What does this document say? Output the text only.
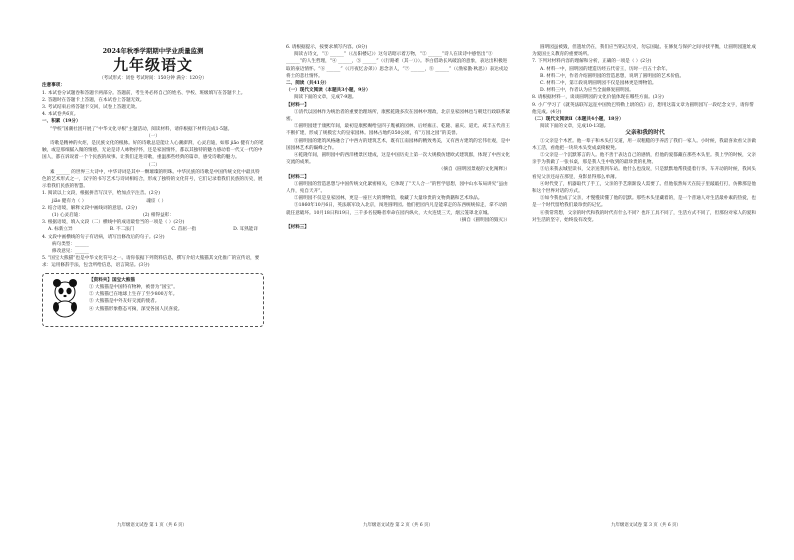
2024年秋季学期期中学业质量监测
九年级语文
（考试形式：闭卷 考试时间：150分钟 满分：120分）
注意事项：
1. 本试卷分试题卷和答题卡两部分。答题前，考生务必将自己的姓名、学校、班级填写在答题卡上。
2. 答题时在答题卡上答题，在本试卷上答题无效。
3. 考试结束后将答题卡交回，试卷上答题无效。
4. 本试卷共6页。
一、积累（19分）

“学校”国潮社团开展了“中华文化寻根”主题活动，阅读材料，请你根据下材料完成1-5题。

（一）

诗歌是精神的火炬，是民族文化的根脉。好的诗歌总是能让人心潮澎湃，心灵启迪，如那 jiǎo 健有力的笔触，或是那细腻入微的情感，无论是诗人咏物抒怀，还是家国情怀，都以其独特的魅力感动着一代又一代的中国人，都在诉说着一个个民族的故事。让我们走进诗歌，重温那些经典的篇章，感受诗歌的魅力。

（二）

素 ______ 的世界三大诗中，中华诗词是其中一颗璀璨的明珠。中华民族的诗歌是中国传统文化中最具特色的艺术形式之一，汉字的书写艺术与诗词相结合，形成了独特的文化符号，它们记录着我们民族的历史，展示着我们民族的智慧。

1. 阅读以上文段，根据拼音写汉字，给加点字注音。(2分)
jiǎo 健有力（ ）	魂宦（ ）
2. 结合语境，解释文段中画线词的意思。(2分)
(1) 心灵启迪：	(2) 相得益彰：
3. 根据语境，填入文段（二）横线中的成语最恰当的一项是（ ）(2分)
A. 标新立异	B. 不二法门	C. 首屈一指	D. 耳熟能详
4. 文段中画横线的句子有语病，请写出修改后的句子。(2分)
病句类型：______
修改意见：______
5. “国宝大熊猫”也是中华文化符号之一。请你依据下列资料信息，撰写介绍大熊猫其文化推广的宣传语，要求：运用修辞手法，包含所给信息，语言简洁。(3分)
【资料夹】国宝大熊猫
① 大熊猫是中国特有物种，被誉为“国宝”。
② 大熊猫已在地球上生存了至少800万年。
③ 大熊猫是中外友好交流的使者。
④ 大熊猫形象憨态可掬，深受各国人民喜爱。
6. 请根据提示，按要求填写内容。(8分)

阅读古诗文，“① ______”（《岳阳楼记》）这句话昭示着万物，“② ______”诗人在读诗中感悟出“③ ______”的人生哲理，“④ ______，⑤ ______”（《行路难（其一）》）。李白借助长风破浪的意象，表达出积极进取的豪迈情怀。“⑥ ______”（《月夜忆舍弟》）思念亲人，“⑦ ______，⑧ ______”（《渔家傲·秋思》）表达戍边将士的悲壮情怀。

二、阅读（共41分）
（一）现代文阅读（本题共3小题，9分）

阅读下面的文章，完成7-9题。

【材料一】

①清代以园林作为统治者的重要治理场所，康熙乾隆多次在园林中理政，北京皇家园林也与朝廷行政联系紧密。

②圆明园建于康熙年间，最初是康熙赐给皇四子胤禛的园林，后经雍正、乾隆、嘉庆、道光、咸丰五代帝王不断扩建，形成了规模宏大的皇家园林。园林占地约350公顷，有“万园之园”的美誉。

③圆明园的建筑风格融合了中西方的建筑艺术，既有江南园林的精致秀美，又有西方建筑的宏伟壮观，是中国园林艺术的巅峰之作。

④乾隆年间，圆明园中的西洋楼景区建成，这是中国历史上第一次大规模仿建欧式建筑群，体现了中西文化交流的成果。

（摘自《圆明园景观的文化阐释》）
【材料二】

①圆明园的营造思想与中国传统文化紧密相关，它体现了“天人合一”的哲学思想，园中山水布局讲究“虽由人作，宛自天开”。

②圆明园不仅是皇家园林，更是一座巨大的博物馆，收藏了大量珍贵的文物典籍和艺术珍品。

③1860年10月6日，英法联军攻入北京，闯进圆明园。他们把园内凡是能拿走的东西统统掠走，拿不动的就任意破坏。10月18日和19日，三千多名侵略者奉命在园内纵火，大火连烧三天，烟云笼罩北京城。

（摘自《圆明园的毁灭》）
【材料三】

圆明园虽被毁，但遗址仍在，我们应当铭记历史，勿忘国耻。在修复与保护之间寻找平衡，让圆明园遗址成为爱国主义教育的重要场所。

7. 下列对材料内容的理解和分析，正确的一项是（ ）(2分)
A. 材料一中，圆明园的建造历经五代帝王，历时一百五十余年。
B. 材料二中，作者介绍圆明园的营造思想，说明了圆明园的艺术价值。
C. 材料二中，第②段说明圆明园不仅是园林更是博物馆。
D. 材料三中，作者认为应当全面修复圆明园。
8. 请根据材料一，谈谈圆明园的文化价值体现在哪些方面。(3分)
9. 小广学习了《就英法联军远征中国致巴特勒上尉的信》后，想用这篇文章为圆明园写一段纪念文字，请你帮他完成。(4分)
（二）现代文阅读Ⅱ（本题共4小题，18分）

阅读下面的文章，完成10-13题。

父亲和我的时代

①父亲是个木匠。他一辈子和木头打交道，用一双粗糙的手养活了我们一家人。小时候，我最喜欢看父亲做木工活，看他把一块块木头变成桌椅板凳。

②父亲是一个沉默寡言的人。他不善于表达自己的感情，但他的爱都藏在那些木头里。我上学的时候，父亲亲手为我做了一张书桌，那是我人生中收到的最珍贵的礼物。

③后来我去城里读书，父亲送我到车站。他什么也没说，只是默默地帮我提着行李。车开动的时候，我回头看见父亲还站在那里，身影显得那么单薄。

④时代变了，机器取代了手工，父亲的手艺渐渐没人需要了。但他依然每天在院子里敲敲打打，仿佛那是他和这个世界对话的方式。

⑤如今我也成了父亲，才慢慢读懂了他的沉默。那些木头里藏着的，是一个普通人对生活最朴素的热爱，也是一个时代留给我们最珍贵的记忆。

⑥我常常想，父亲的时代和我的时代有什么不同？也许工具不同了，生活方式不同了，但那份对家人的爱和对生活的坚守，始终没有改变。

九年级语文试卷 第 1 页（共 6 页）	九年级语文试卷 第 2 页（共 6 页）	九年级语文试卷 第 3 页（共 6 页）
